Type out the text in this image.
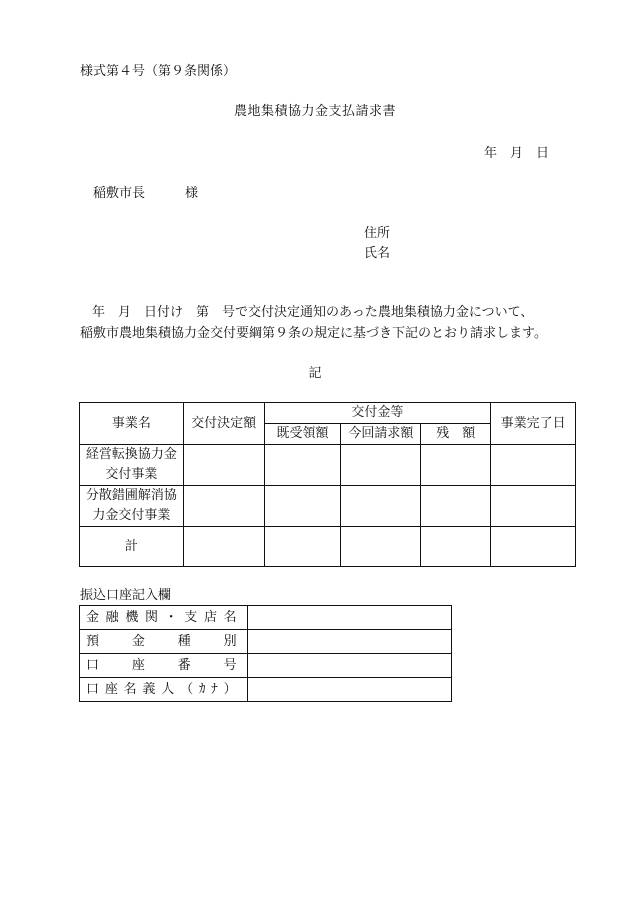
様式第４号（第９条関係）
農地集積協力金支払請求書
年　月　日
稲敷市長	様
住所
氏名
年　月　日付け　第　号で交付決定通知のあった農地集積協力金について、
稲敷市農地集積協力金交付要綱第９条の規定に基づき下記のとおり請求します。
記
事業名	交付決定額	交付金等			事業完了日
		既受領額	今回請求額	残　額	

経営転換協力金
交付事業					

分散錯圃解消協
力金交付事業					

計					
振込口座記入欄
金融機関・支店名	
預金種別	
口座番号	
口座名義人（ｶﾅ）	
